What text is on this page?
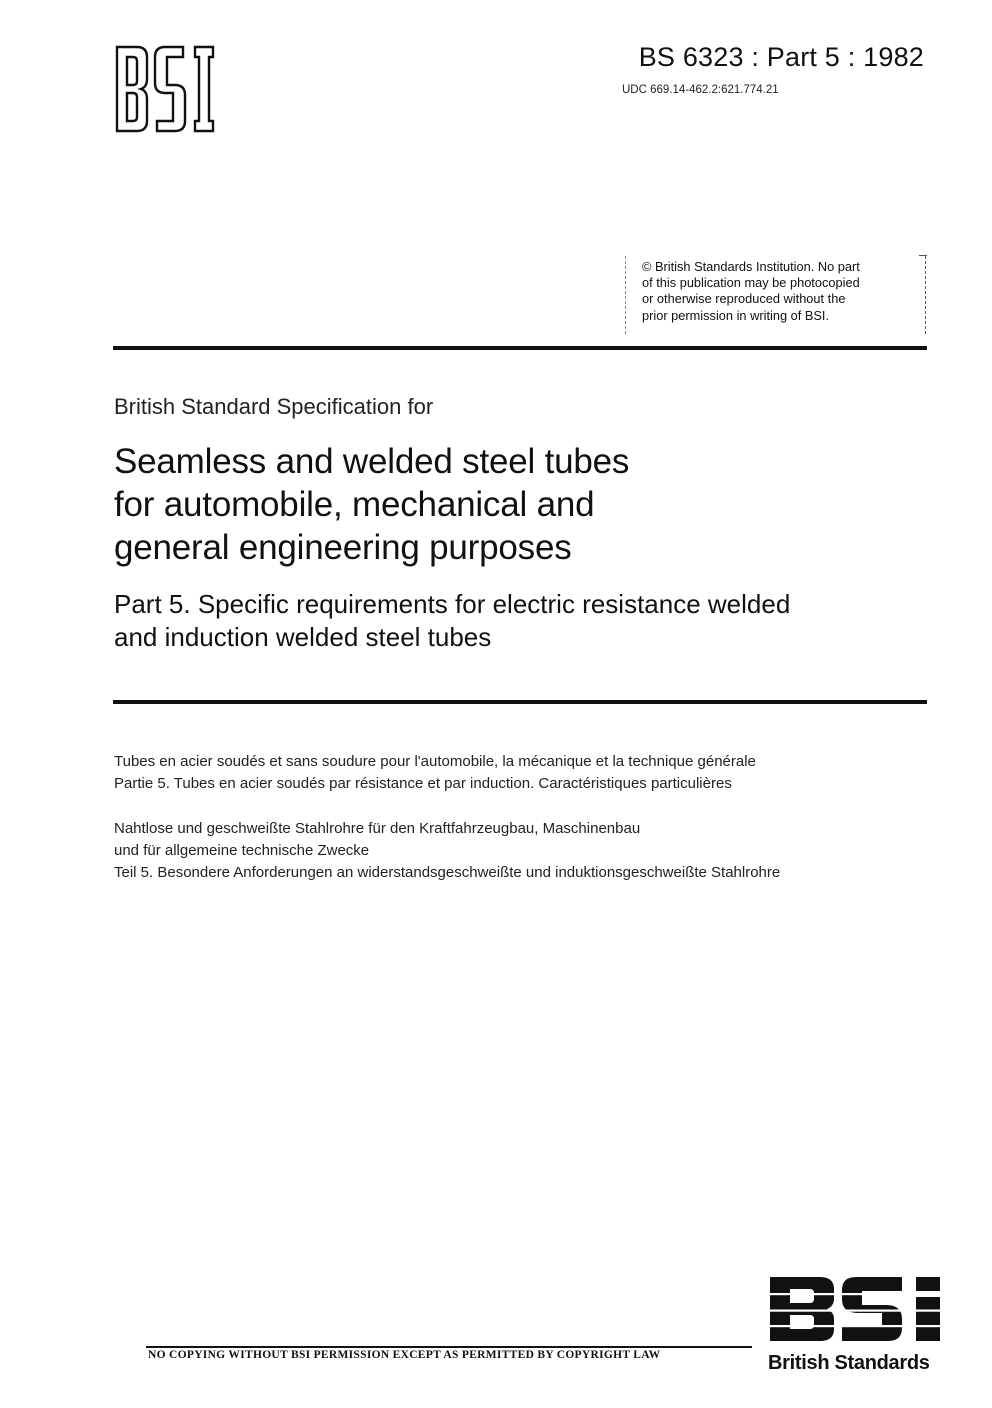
BS 6323 : Part 5 : 1982
UDC 669.14-462.2:621.774.21
© British Standards Institution. No part
of this publication may be photocopied
or otherwise reproduced without the
prior permission in writing of BSI.
British Standard Specification for
Seamless and welded steel tubes
for automobile, mechanical and
general engineering purposes
Part 5. Specific requirements for electric resistance welded
and induction welded steel tubes
Tubes en acier soudés et sans soudure pour l'automobile, la mécanique et la technique générale
Partie 5. Tubes en acier soudés par résistance et par induction. Caractéristiques particulières
Nahtlose und geschweißte Stahlrohre für den Kraftfahrzeugbau, Maschinenbau
und für allgemeine technische Zwecke
Teil 5. Besondere Anforderungen an widerstandsgeschweißte und induktionsgeschweißte Stahlrohre
NO COPYING WITHOUT BSI PERMISSION EXCEPT AS PERMITTED BY COPYRIGHT LAW	British Standards
